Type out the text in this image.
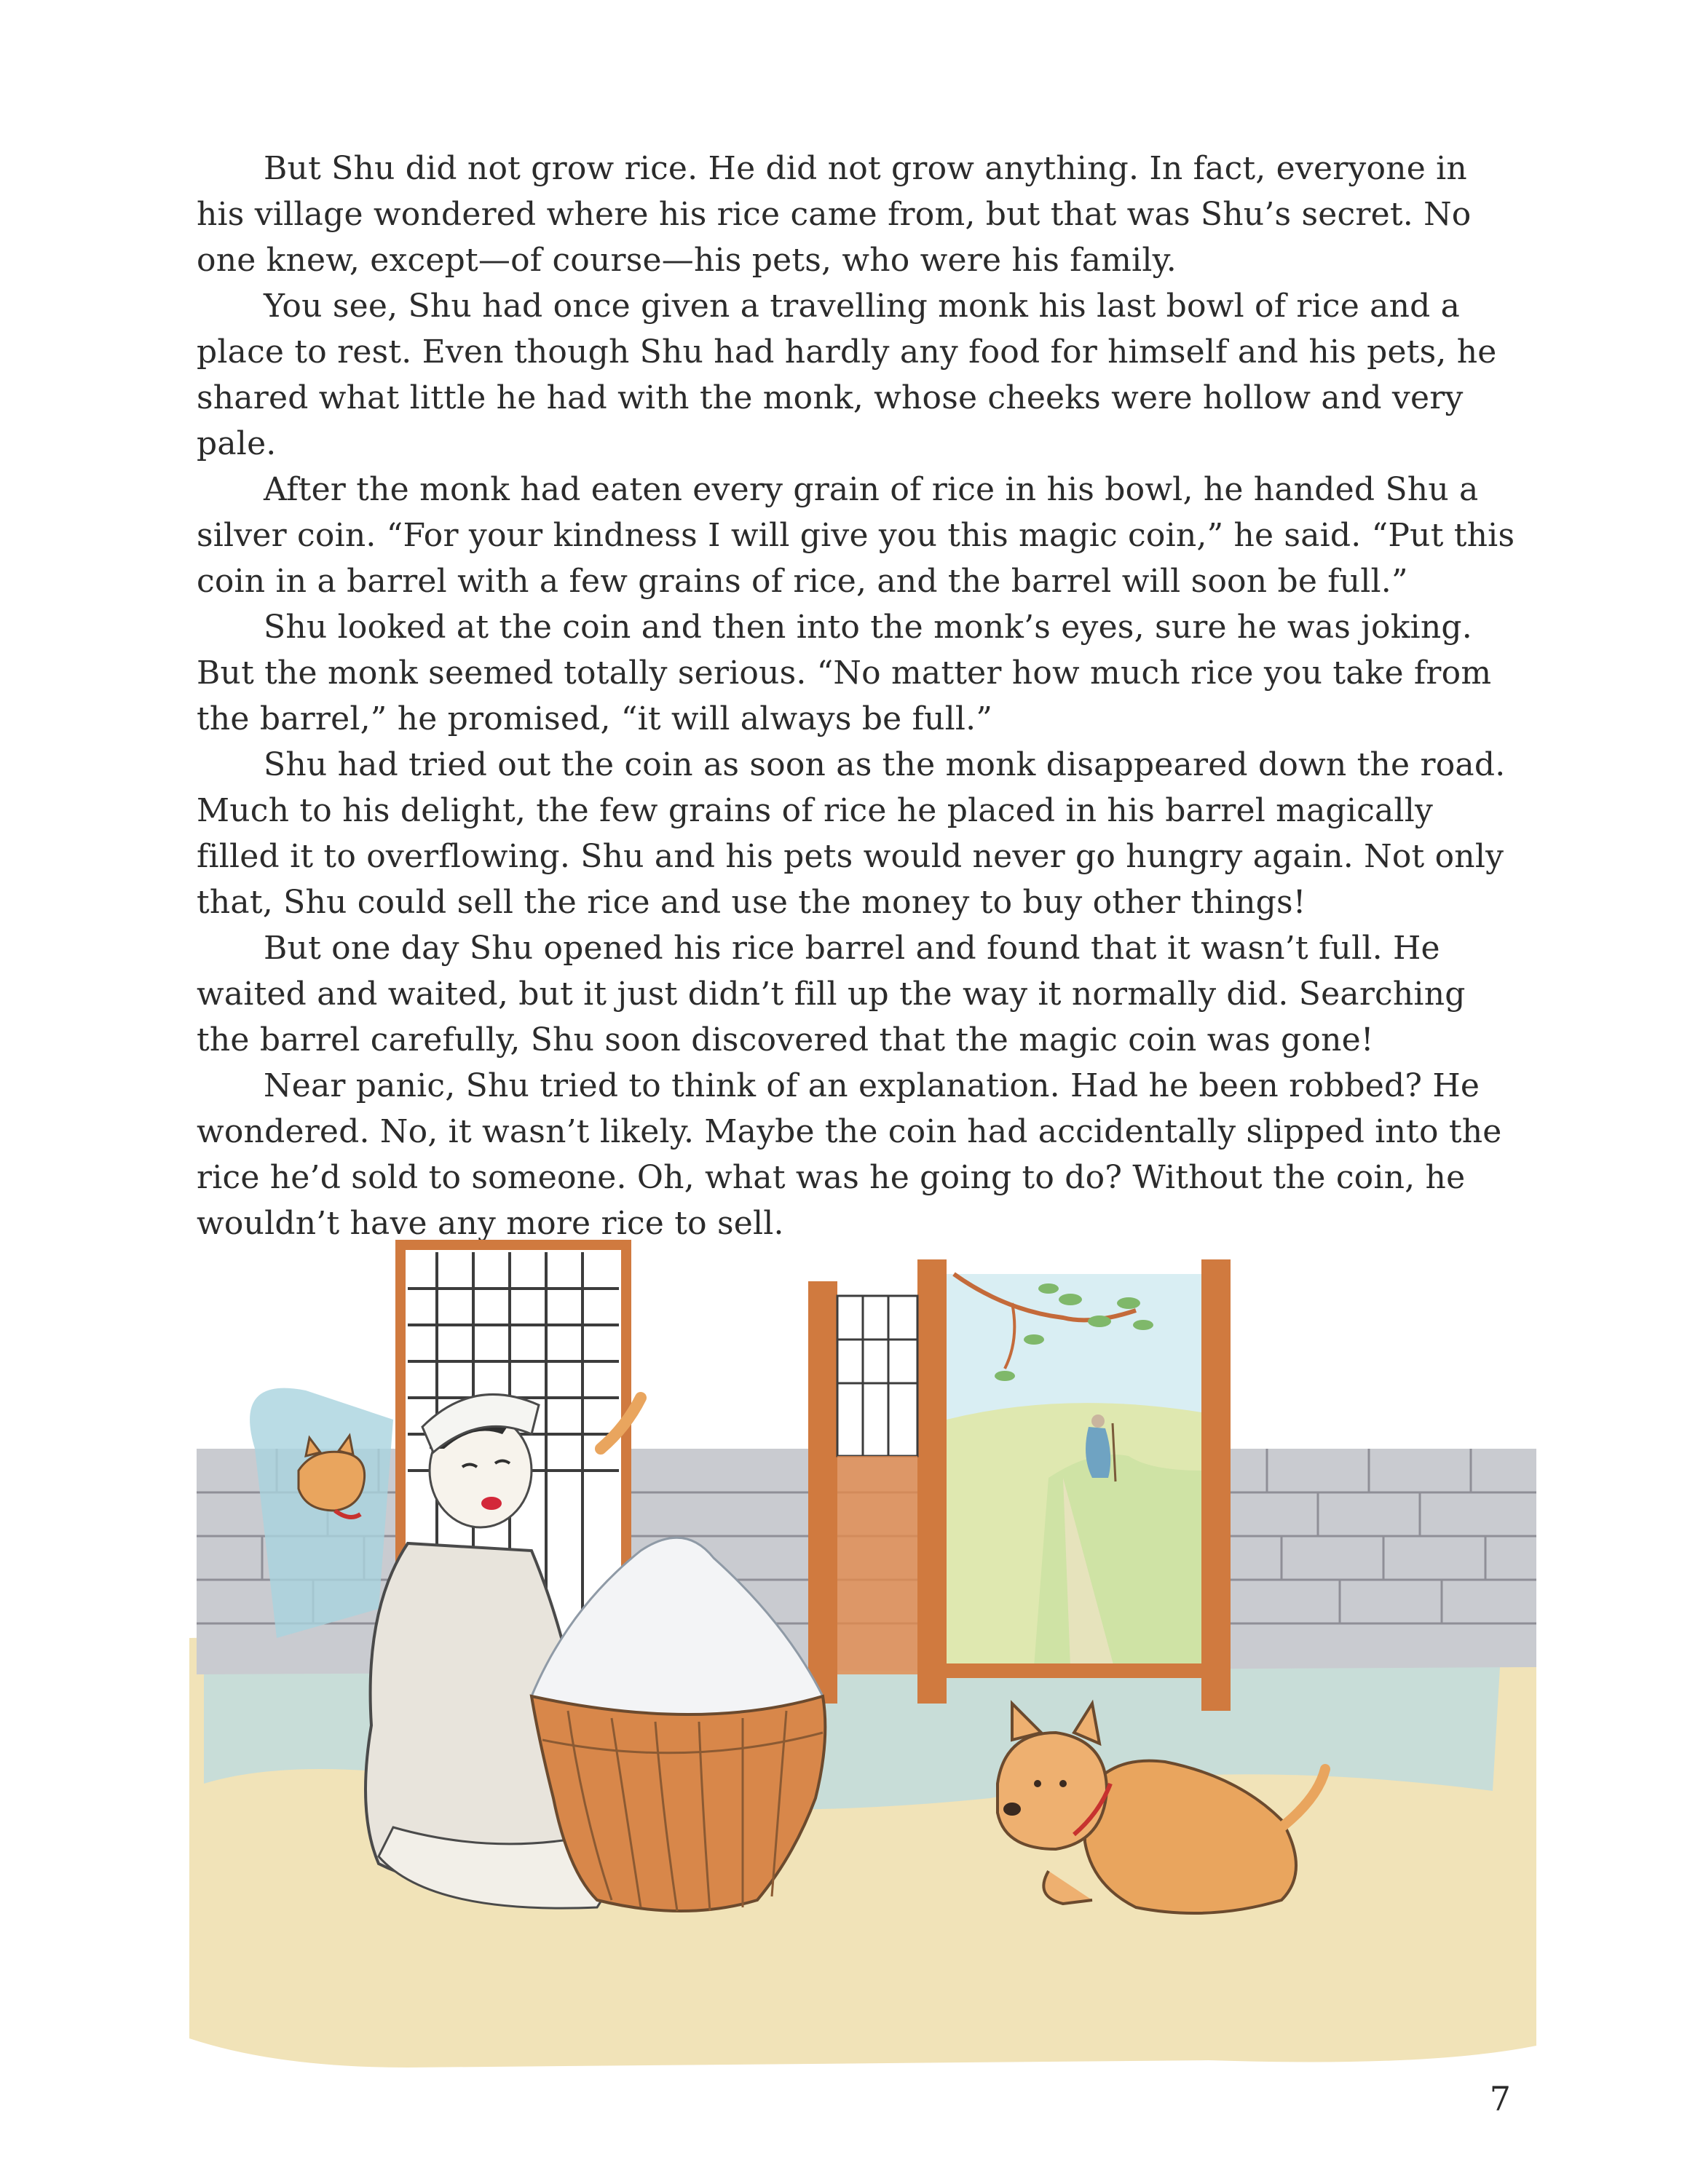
But Shu did not grow rice. He did not grow anything. In fact, everyone in his village wondered where his rice came from, but that was Shu’s secret. No one knew, except—of course—his pets, who were his family.

You see, Shu had once given a travelling monk his last bowl of rice and a place to rest. Even though Shu had hardly any food for himself and his pets, he shared what little he had with the monk, whose cheeks were hollow and very pale.

After the monk had eaten every grain of rice in his bowl, he handed Shu a silver coin. “For your kindness I will give you this magic coin,” he said. “Put this coin in a barrel with a few grains of rice, and the barrel will soon be full.”

Shu looked at the coin and then into the monk’s eyes, sure he was joking. But the monk seemed totally serious. “No matter how much rice you take from the barrel,” he promised, “it will always be full.”

Shu had tried out the coin as soon as the monk disappeared down the road. Much to his delight, the few grains of rice he placed in his barrel magically filled it to overflowing. Shu and his pets would never go hungry again. Not only that, Shu could sell the rice and use the money to buy other things!

But one day Shu opened his rice barrel and found that it wasn’t full. He waited and waited, but it just didn’t fill up the way it normally did. Searching the barrel carefully, Shu soon discovered that the magic coin was gone!

Near panic, Shu tried to think of an explanation. Had he been robbed? He wondered. No, it wasn’t likely. Maybe the coin had accidentally slipped into the rice he’d sold to someone. Oh, what was he going to do? Without the coin, he wouldn’t have any more rice to sell.

7
